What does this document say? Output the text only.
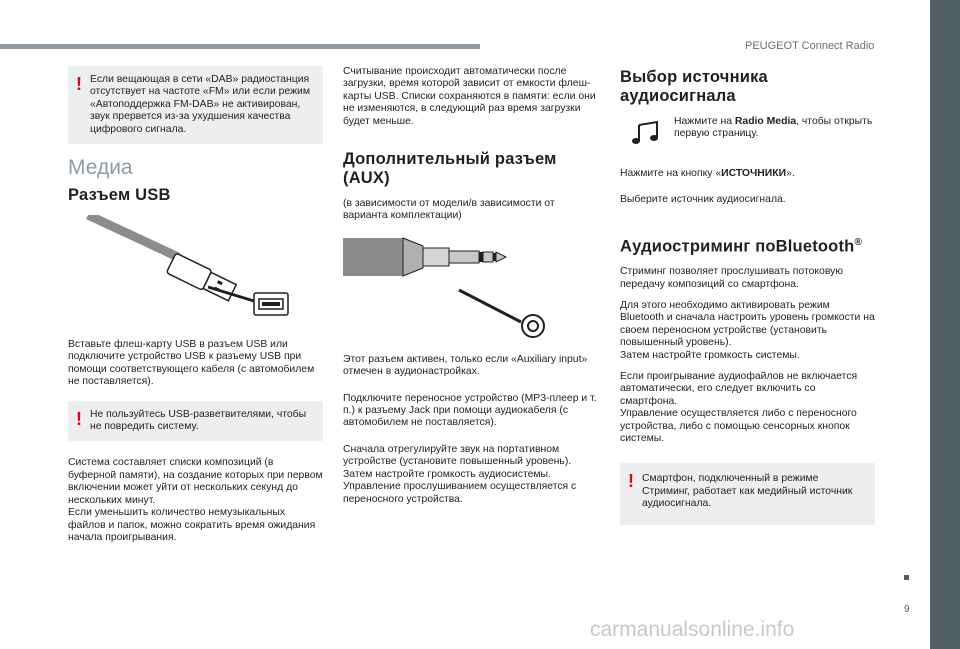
PEUGEOT Connect Radio
9
carmanualsonline.info
! Если вещающая в сети «DAB» радиостанция отсутствует на частоте «FM» или если режим «Автоподдержка FM-DAB» не активирован, звук прервется из-за ухудшения качества цифрового сигнала.

Медиа
Разъем USB

Вставьте флеш-карту USB в разъем USB или подключите устройство USB к разъему USB при помощи соответствующего кабеля (с автомобилем не поставляется).

! Не пользуйтесь USB-разветвителями, чтобы не повредить систему.

Система составляет списки композиций (в буферной памяти), на создание которых при первом включении может уйти от нескольких секунд до нескольких минут.
Если уменьшить количество немузыкальных файлов и папок, можно сократить время ожидания начала проигрывания.

Считывание происходит автоматически после загрузки, время которой зависит от емкости флеш-карты USB. Списки сохраняются в памяти: если они не изменяются, в следующий раз время загрузки будет меньше.

Дополнительный разъем (AUX)

(в зависимости от модели/в зависимости от варианта комплектации)

Этот разъем активен, только если «Auxiliary input» отмечен в аудионастройках.

Подключите переносное устройство (MP3-плеер и т. п.) к разъему Jack при помощи аудиокабеля (с автомобилем не поставляется).

Сначала отрегулируйте звук на портативном устройстве (установите повышенный уровень).
Затем настройте громкость аудиосистемы.
Управление прослушиванием осуществляется с переносного устройства.

Выбор источника аудиосигнала

Нажмите на Radio Media, чтобы открыть первую страницу.

Нажмите на кнопку «ИСТОЧНИКИ».

Выберите источник аудиосигнала.

Аудиостриминг поBluetooth®

Стриминг позволяет прослушивать потоковую передачу композиций со смартфона.

Для этого необходимо активировать режим Bluetooth и сначала настроить уровень громкости на своем переносном устройстве (установить повышенный уровень).
Затем настройте громкость системы.

Если проигрывание аудиофайлов не включается автоматически, его следует включить со смартфона.
Управление осуществляется либо с переносного устройства, либо с помощью сенсорных кнопок системы.

! Смартфон, подключенный в режиме Стриминг, работает как медийный источник аудиосигнала.
